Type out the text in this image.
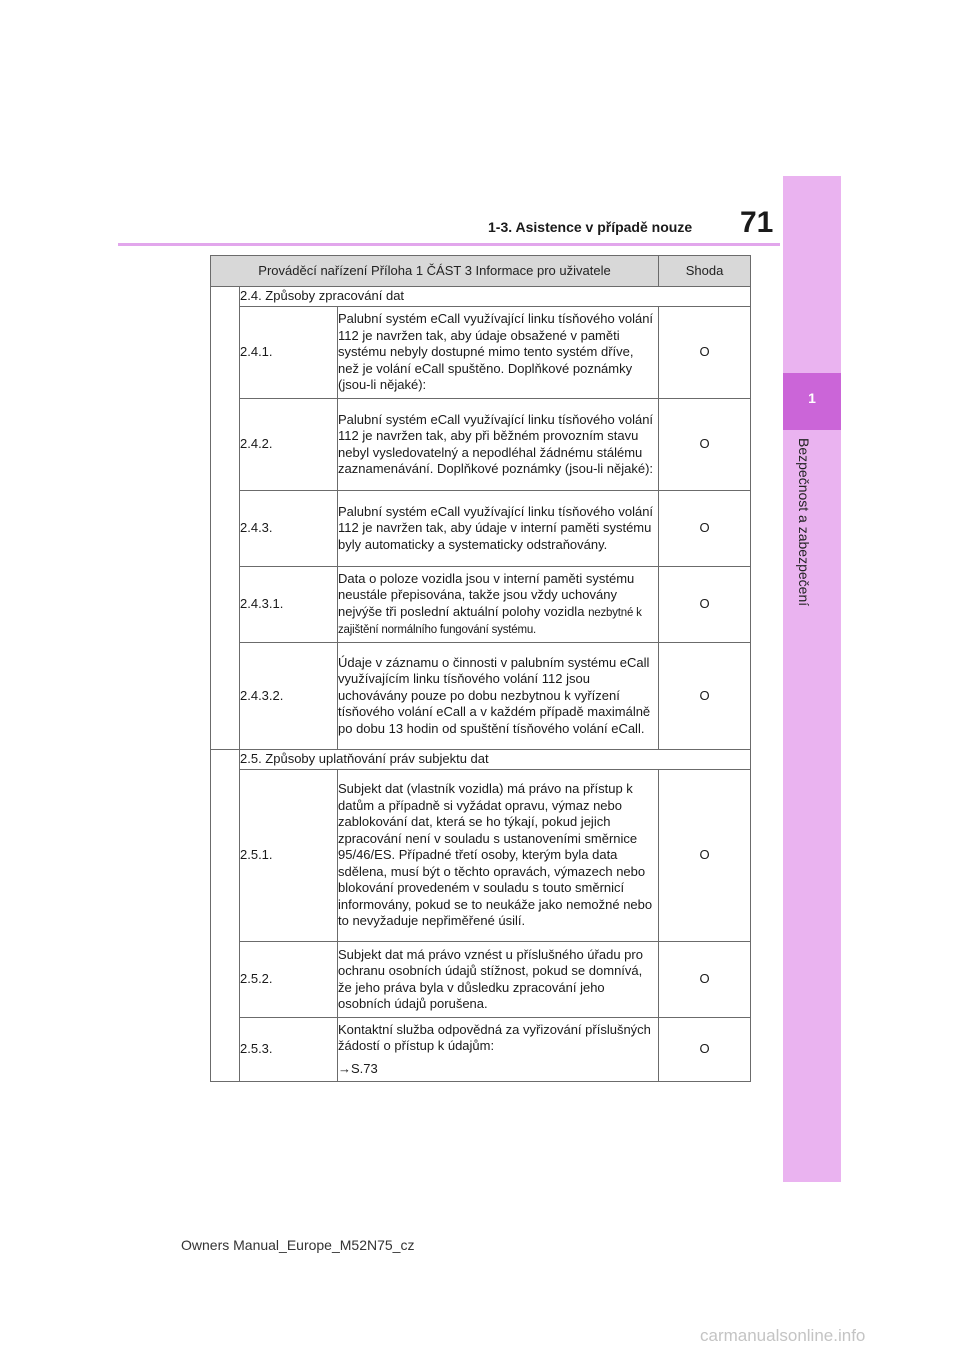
1-3. Asistence v případě nouze 71
1
Bezpečnost a zabezpečení
Prováděcí nařízení Příloha 1 ČÁST 3 Informace pro uživatele			Shoda
	2.4. Způsoby zpracování dat		
	2.4.1.	Palubní systém eCall využívající linku tísňového volání 112 je navržen tak, aby údaje obsažené v paměti systému nebyly dostupné mimo tento systém dříve, než je volání eCall spuštěno. Doplňkové poznámky (jsou-li nějaké):	O
	2.4.2.	Palubní systém eCall využívající linku tísňového volání 112 je navržen tak, aby při běžném provozním stavu nebyl vysledovatelný a nepodléhal žádnému stálému zaznamenávání. Doplňkové poznámky (jsou-li nějaké):	O
	2.4.3.	Palubní systém eCall využívající linku tísňového volání 112 je navržen tak, aby údaje v interní paměti systému byly automaticky a systematicky odstraňovány.	O
	2.4.3.1.	Data o poloze vozidla jsou v interní paměti systému neustále přepisována, takže jsou vždy uchovány nejvýše tři poslední aktuální polohy vozidla nezbytné k zajištění normálního fungování systému.	O
	2.4.3.2.	Údaje v záznamu o činnosti v palubním systému eCall využívajícím linku tísňového volání 112 jsou uchovávány pouze po dobu nezbytnou k vyřízení tísňového volání eCall a v každém případě maximálně po dobu 13 hodin od spuštění tísňového volání eCall.	O
	2.5. Způsoby uplatňování práv subjektu dat		
	2.5.1.	Subjekt dat (vlastník vozidla) má právo na přístup k datům a případně si vyžádat opravu, výmaz nebo zablokování dat, která se ho týkají, pokud jejich zpracování není v souladu s ustanoveními směrnice 95/46/ES. Případné třetí osoby, kterým byla data sdělena, musí být o těchto opravách, výmazech nebo blokování provedeném v souladu s touto směrnicí informovány, pokud se to neukáže jako nemožné nebo to nevyžaduje nepřiměřené úsilí.	O
	2.5.2.	Subjekt dat má právo vznést u příslušného úřadu pro ochranu osobních údajů stížnost, pokud se domnívá, že jeho práva byla v důsledku zpracování jeho osobních údajů porušena.	O
	2.5.3.	Kontaktní služba odpovědná za vyřizování příslušných žádostí o přístup k údajům:
→S.73	O
Owners Manual_Europe_M52N75_cz
carmanualsonline.info
